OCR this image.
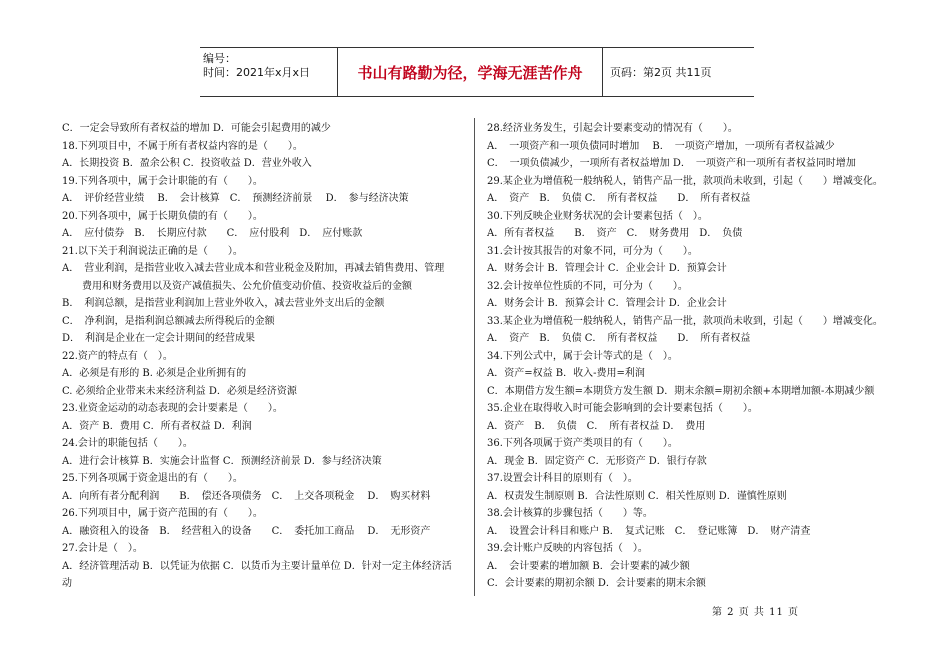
编号：
时间：2021年x月x日	书山有路勤为径，学海无涯苦作舟	页码：第2页 共11页
C．一定会导致所有者权益的增加 D．可能会引起费用的减少
18.下列项目中，不属于所有者权益内容的是（　　）。
A．长期投资 B．盈余公积 C．投资收益 D．营业外收入
19.下列各项中，属于会计职能的有（　　）。
A．　评价经营业绩　 B．　会计核算　C．　预测经济前景　 D．　参与经济决策
20.下列各项中，属于长期负债的有（　　）。
A．　应付债券　B．　长期应付款　　C．　应付股利　D．　应付账款
21.以下关于利润说法正确的是（　　）。
A．　营业利润，是指营业收入减去营业成本和营业税金及附加，再减去销售费用、管理
　　费用和财务费用以及资产减值损失、公允价值变动价值、投资收益后的金额
B．　利润总额，是指营业利润加上营业外收入，减去营业外支出后的金额
C．　净利润，是指利润总额减去所得税后的金额
D．　利润是企业在一定会计期间的经营成果
22.资产的特点有（　）。
A．必须是有形的 B. 必须是企业所拥有的
C. 必须给企业带来未来经济利益 D．必须是经济资源
23.业资金运动的动态表现的会计要素是（　　）。
A．资产 B．费用 C．所有者权益 D．利润
24.会计的职能包括（　　）。
A．进行会计核算 B．实施会计监督 C．预测经济前景 D．参与经济决策
25.下列各项属于资金退出的有（　　）。
A．向所有者分配利润　　B．　偿还各项债务　C．　上交各项税金　 D．　购买材料
26.下列项目中，属于资产范围的有（　　）。
A．融资租入的设备　B．　经营租入的设备　　C．　委托加工商品　 D．　无形资产
27.会计是（　）。
A．经济管理活动 B．以凭证为依据 C．以货币为主要计量单位 D．针对一定主体经济活
动
28.经济业务发生，引起会计要素变动的情况有（　　）。
A．　一项资产和一项负债同时增加　 B．　一项资产增加，一项所有者权益减少
C．　一项负债减少，一项所有者权益增加 D．　一项资产和一项所有者权益同时增加
29.某企业为增值税一般纳税人，销售产品一批，款项尚未收到，引起（　　）增减变化。
A．　资产　B．　负债 C．　所有者权益　　D．　所有者权益
30.下列反映企业财务状况的会计要素包括（　）。
A．所有者权益　　B．　资产　C．　财务费用　D．　负债
31.会计按其报告的对象不同，可分为（　　）。
A．财务会计 B．管理会计 C．企业会计 D．预算会计
32.会计按单位性质的不同，可分为（　　）。
A．财务会计 B．预算会计 C．管理会计 D．企业会计
33.某企业为增值税一般纳税人，销售产品一批，款项尚未收到，引起（　　）增减变化。
A．　资产　B．　负债 C．　所有者权益　　D．　所有者权益
34.下列公式中，属于会计等式的是（　）。
A．资产=权益 B．收入-费用=利润
C．本期借方发生额=本期贷方发生额 D．期末余额=期初余额+本期增加额-本期减少额
35.企业在取得收入时可能会影响到的会计要素包括（　　）。
A．资产　B．　负债　C．　所有者权益 D．　费用
36.下列各项属于资产类项目的有（　　）。
A．现金 B．固定资产 C．无形资产 D．银行存款
37.设置会计科目的原则有（　）。
A．权责发生制原则 B．合法性原则 C．相关性原则 D．谨慎性原则
38.会计核算的步骤包括（　　）等。
A．　设置会计科目和账户 B．　复式记账　C．　登记账簿　D．　财产清查
39.会计账户反映的内容包括（　）。
A．　会计要素的增加额 B．会计要素的减少额
C．会计要素的期初余额 D．会计要素的期末余额
第 2 页 共 11 页
